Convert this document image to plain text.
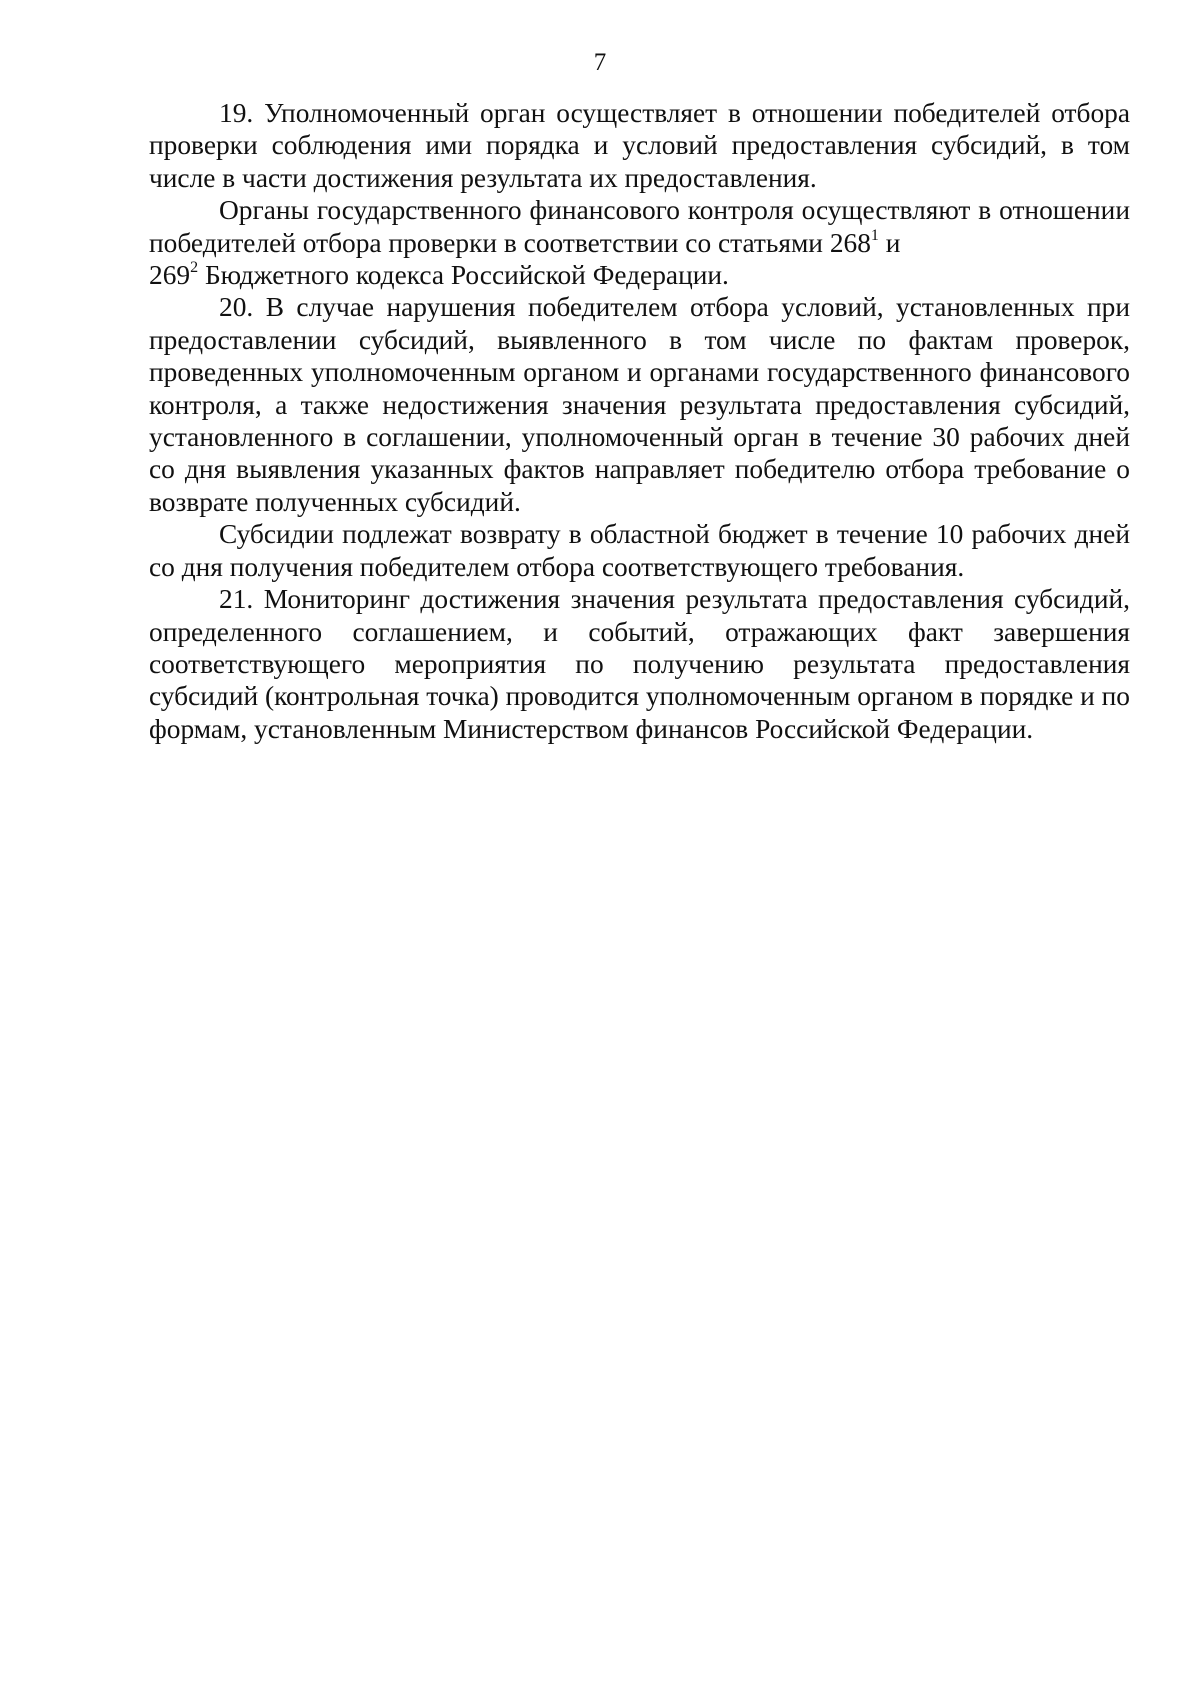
7

19. Уполномоченный орган осуществляет в отношении победителей отбора проверки соблюдения ими порядка и условий предоставления субсидий, в том числе в части достижения результата их предоставления.

Органы государственного финансового контроля осуществляют в отношении победителей отбора проверки в соответствии со статьями $268^1$ и
$269^2$ Бюджетного кодекса Российской Федерации.

20. В случае нарушения победителем отбора условий, установленных при предоставлении субсидий, выявленного в том числе по фактам проверок, проведенных уполномоченным органом и органами государственного финансового контроля, а также недостижения значения результата предоставления субсидий, установленного в соглашении, уполномоченный орган в течение 30 рабочих дней со дня выявления указанных фактов направляет победителю отбора требование о возврате полученных субсидий.

Субсидии подлежат возврату в областной бюджет в течение 10 рабочих дней со дня получения победителем отбора соответствующего требования.

21. Мониторинг достижения значения результата предоставления субсидий, определенного соглашением, и событий, отражающих факт завершения соответствующего мероприятия по получению результата предоставления субсидий (контрольная точка) проводится уполномоченным органом в порядке и по формам, установленным Министерством финансов Российской Федерации.
